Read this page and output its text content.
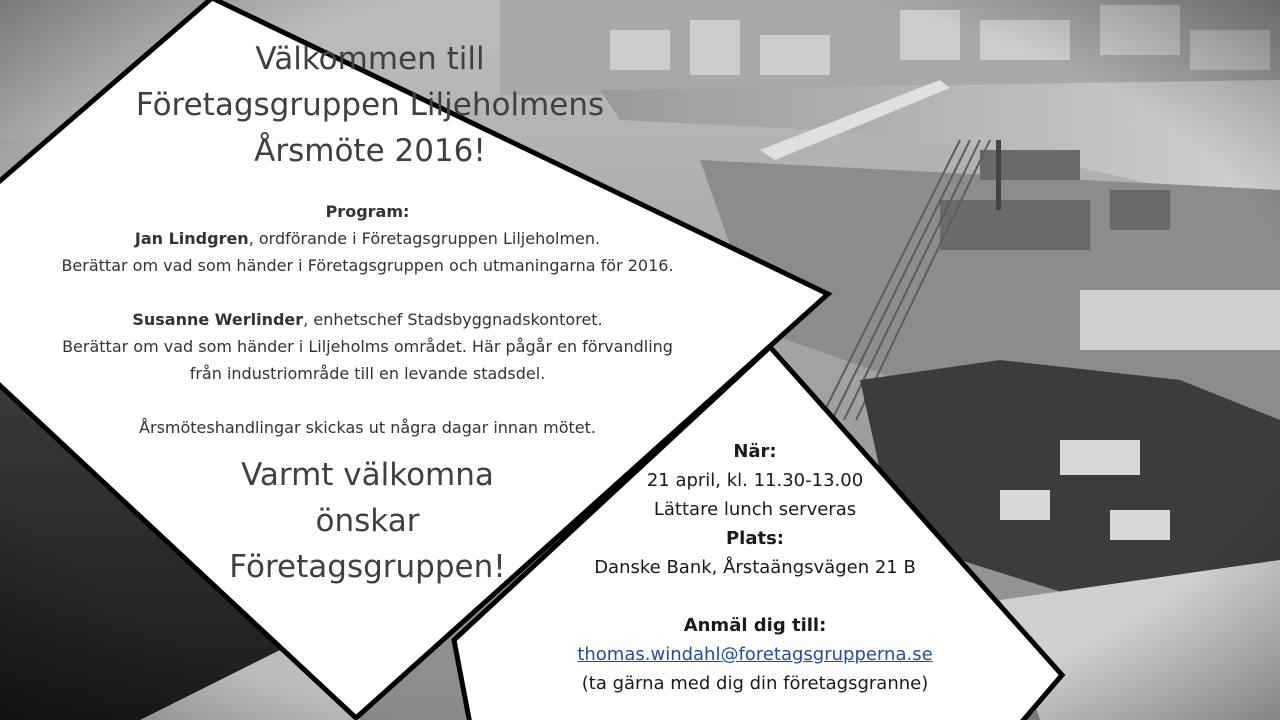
Välkommen till
Företagsgruppen Liljeholmens
Årsmöte 2016!
Program:
Jan Lindgren, ordförande i Företagsgruppen Liljeholmen.
Berättar om vad som händer i Företagsgruppen och utmaningarna för 2016.
Susanne Werlinder, enhetschef Stadsbyggnadskontoret.
Berättar om vad som händer i Liljeholms området. Här pågår en förvandling
från industriområde till en levande stadsdel.
Årsmöteshandlingar skickas ut några dagar innan mötet.
Varmt välkomna
önskar
Företagsgruppen!
När:
21 april, kl. 11.30-13.00
Lättare lunch serveras
Plats:
Danske Bank, Årstaängsvägen 21 B
Anmäl dig till:
thomas.windahl@foretagsgrupperna.se
(ta gärna med dig din företagsgranne)
